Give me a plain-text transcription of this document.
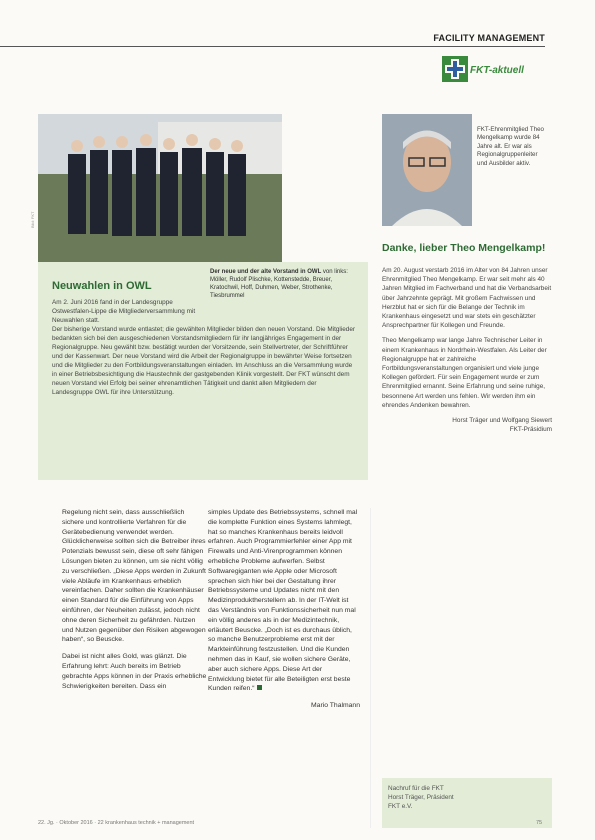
FACILITY MANAGEMENT
FKT-aktuell
Bild: FKT
Der neue und der alte Vorstand in OWL von links: Möller, Rudolf Plischke, Kottenstedde, Breuer, Kratochwil, Hoff, Duhmen, Weber, Strothenke, Tiesbrummel
Neuwahlen in OWL
Am 2. Juni 2016 fand in der Landesgruppe Ostwestfalen-Lippe die Mitgliederversammlung mit Neuwahlen statt.
Der bisherige Vorstand wurde entlastet; die gewählten Mitglieder bilden den neuen Vorstand. Die Mitglieder bedankten sich bei den ausgeschiedenen Vorstandsmitgliedern für ihr langjähriges Engagement in der Regionalgruppe. Neu gewählt bzw. bestätigt wurden der Vorsitzende, sein Stellvertreter, der Schriftführer und der Kassenwart. Der neue Vorstand wird die Arbeit der Regionalgruppe in bewährter Weise fortsetzen und die Mitglieder zu den Fortbildungsveranstaltungen einladen. Im Anschluss an die Versammlung wurde in einer Betriebsbesichtigung die Haustechnik der gastgebenden Klinik vorgestellt. Der FKT wünscht dem neuen Vorstand viel Erfolg bei seiner ehrenamtlichen Tätigkeit und dankt allen Mitgliedern der Landesgruppe OWL für ihre Unterstützung.
FKT-Ehrenmitglied Theo Mengelkamp wurde 84 Jahre alt. Er war als Regionalgruppenleiter und Ausbilder aktiv.
Danke, lieber Theo Mengelkamp!

Am 20. August verstarb 2016 im Alter von 84 Jahren unser Ehrenmitglied Theo Mengelkamp. Er war seit mehr als 40 Jahren Mitglied im Fachverband und hat die Verbandsarbeit über Jahrzehnte geprägt. Mit großem Fachwissen und Herzblut hat er sich für die Belange der Technik im Krankenhaus eingesetzt und war stets ein geschätzter Ansprechpartner für Kollegen und Freunde.

Theo Mengelkamp war lange Jahre Technischer Leiter in einem Krankenhaus in Nordrhein-Westfalen. Als Leiter der Regionalgruppe hat er zahlreiche Fortbildungsveranstaltungen organisiert und viele junge Kollegen gefördert. Für sein Engagement wurde er zum Ehrenmitglied ernannt. Seine Erfahrung und seine ruhige, besonnene Art werden uns fehlen. Wir werden ihm ein ehrendes Andenken bewahren.

Horst Träger und Wolfgang Siewert
FKT-Präsidium

Nachruf für die FKT
Horst Träger, Präsident
FKT e.V.

Regelung nicht sein, dass ausschließlich sichere und kontrollierte Verfahren für die Gerätebedienung verwendet werden. Glücklicherweise sollten sich die Betreiber ihres Potenzials bewusst sein, diese oft sehr fähigen Lösungen bieten zu können, um sie nicht völlig zu verschließen. „Diese Apps werden in Zukunft viele Abläufe im Krankenhaus erheblich vereinfachen. Daher sollten die Krankenhäuser einen Standard für die Einführung von Apps einführen, der Neuheiten zulässt, jedoch nicht ohne deren Sicherheit zu gefährden. Nutzen und Nutzen gegenüber den Risiken abgewogen haben“, so Beuscke.

Dabei ist nicht alles Gold, was glänzt. Die Erfahrung lehrt: Auch bereits im Betrieb gebrachte Apps können in der Praxis erhebliche Schwierigkeiten bereiten. Dass ein

simples Update des Betriebssystems, schnell mal die komplette Funktion eines Systems lahmlegt, hat so manches Krankenhaus bereits leidvoll erfahren. Auch Programmierfehler einer App mit Firewalls und Anti-Virenprogrammen können erhebliche Probleme aufwerfen. Selbst Softwaregiganten wie Apple oder Microsoft sprechen sich hier bei der Gestaltung ihrer Betriebssysteme und Updates nicht mit den Medizinproduktherstellern ab. In der IT-Welt ist das Verständnis von Funktionssicherheit nun mal ein völlig anderes als in der Medizintechnik, erläutert Beuscke. „Doch ist es durchaus üblich, so manche Benutzerprobleme erst mit der Markteinführung festzustellen. Und die Kunden nehmen das in Kauf, sie wollen sichere Geräte, aber auch sichere Apps. Diese Art der Entwicklung bietet für alle Beteiligten erst beste Kunden reifen.“

Mario Thalmann

22. Jg. · Oktober 2016 · 22 krankenhaus technik + management	75
